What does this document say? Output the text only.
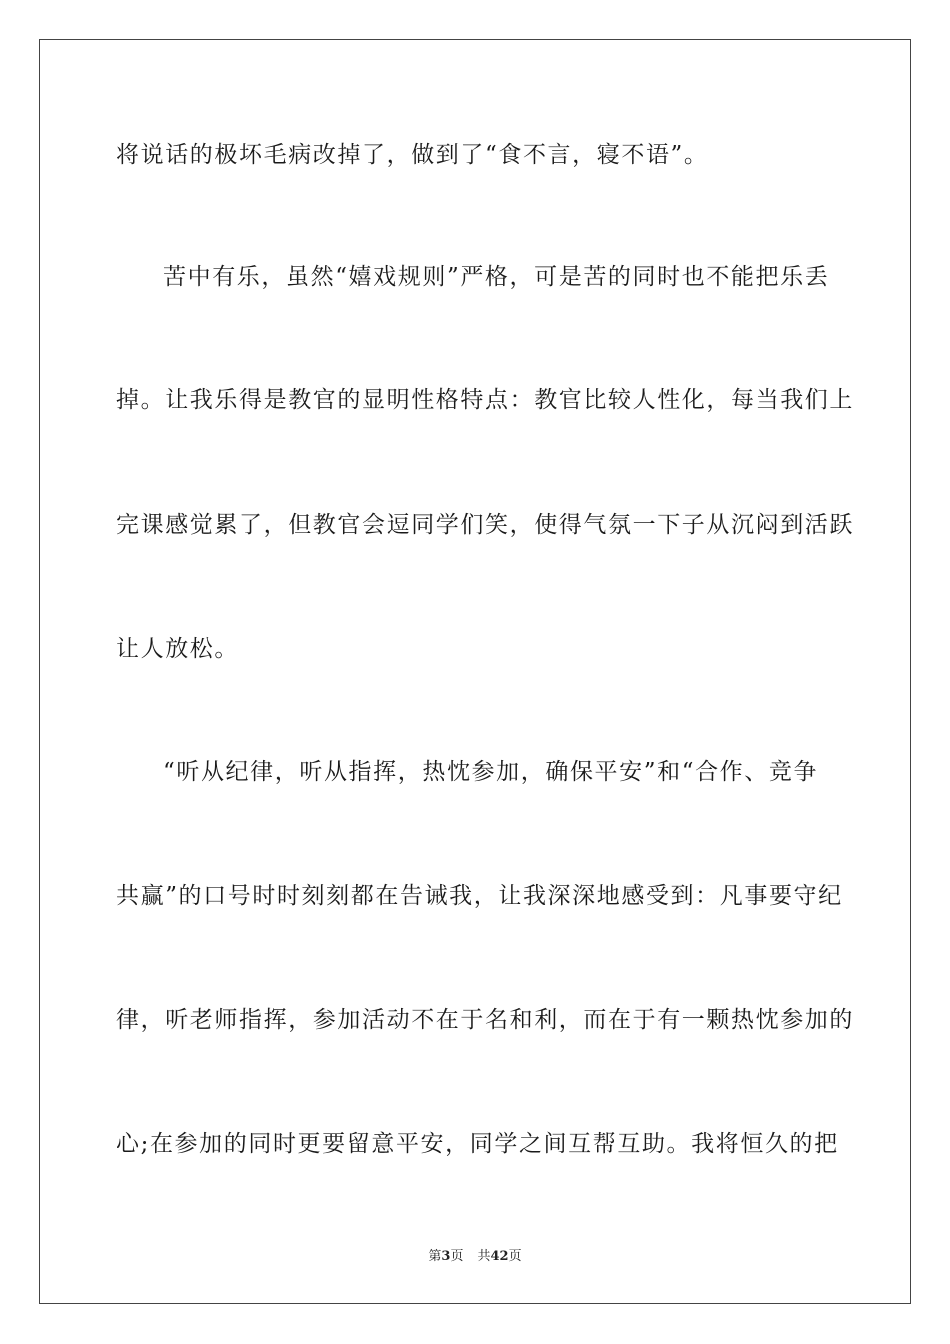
将说话的极坏毛病改掉了，做到了“食不言，寝不语”。
苦中有乐，虽然“嬉戏规则”严格，可是苦的同时也不能把乐丢
掉。让我乐得是教官的显明性格特点：教官比较人性化，每当我们上
完课感觉累了，但教官会逗同学们笑，使得气氛一下子从沉闷到活跃
让人放松。
“听从纪律，听从指挥，热忱参加，确保平安”和“合作、竞争
共赢”的口号时时刻刻都在告诫我，让我深深地感受到：凡事要守纪
律，听老师指挥，参加活动不在于名和利，而在于有一颗热忱参加的
心;在参加的同时更要留意平安，同学之间互帮互助。我将恒久的把
第3页 共42页
